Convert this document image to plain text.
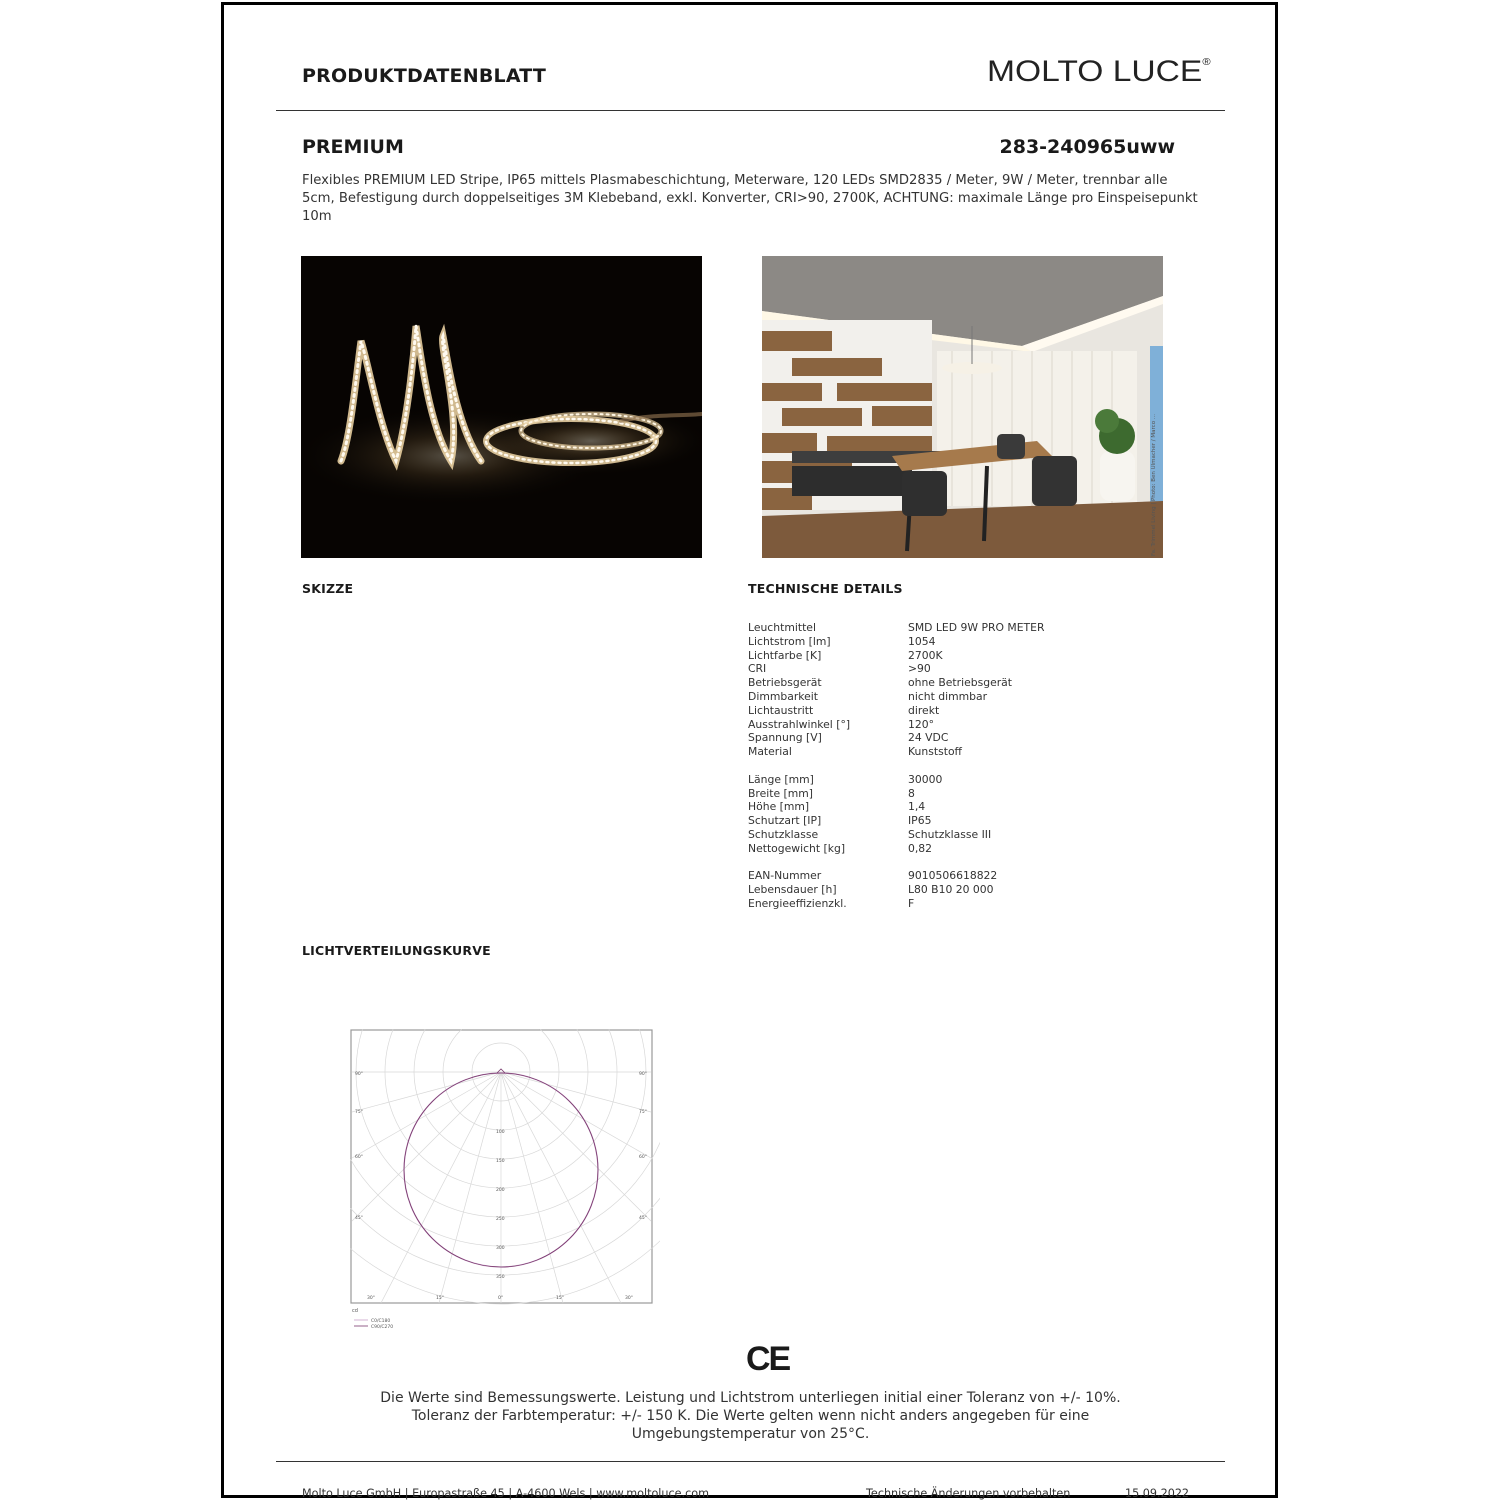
PRODUKTDATENBLATT	MOLTO LUCE®
PREMIUM	283-240965uww
Flexibles PREMIUM LED Stripe, IP65 mittels Plasmabeschichtung, Meterware, 120 LEDs SMD2835 / Meter, 9W / Meter, trennbar alle 5cm, Befestigung durch doppelseitiges 3M Klebeband, exkl. Konverter, CRI>90, 2700K, ACHTUNG: maximale Länge pro Einspeisepunkt 10m
Fa. Trimmel Living | Photo: Ben Ulmacher / Marco ...
SKIZZE	TECHNISCHE DETAILS
Leuchtmittel	SMD LED 9W PRO METER
Lichtstrom [lm]	1054
Lichtfarbe [K]	2700K
CRI	>90
Betriebsgerät	ohne Betriebsgerät
Dimmbarkeit	nicht dimmbar
Lichtaustritt	direkt
Ausstrahlwinkel [°]	120°
Spannung [V]	24 VDC
Material	Kunststoff
Länge [mm]	30000
Breite [mm]	8
Höhe [mm]	1,4
Schutzart [IP]	IP65
Schutzklasse	Schutzklasse III
Nettogewicht [kg]	0,82
EAN-Nummer	9010506618822
Lebensdauer [h]	L80 B10 20 000
Energieeffizienzkl.	F
LICHTVERTEILUNGSKURVE
90°
75°
60°
45°
90°
75°
60°
45°
30°	15°	0°	15°	30°
100
150
200
250
300
350
cd
C0/C180
C90/C270
CE
Die Werte sind Bemessungswerte. Leistung und Lichtstrom unterliegen initial einer Toleranz von +/- 10%.
Toleranz der Farbtemperatur: +/- 150 K. Die Werte gelten wenn nicht anders angegeben für eine
Umgebungstemperatur von 25°C.
Molto Luce GmbH | Europastraße 45 | A-4600 Wels | www.moltoluce.com	Technische Änderungen vorbehalten	15.09.2022
